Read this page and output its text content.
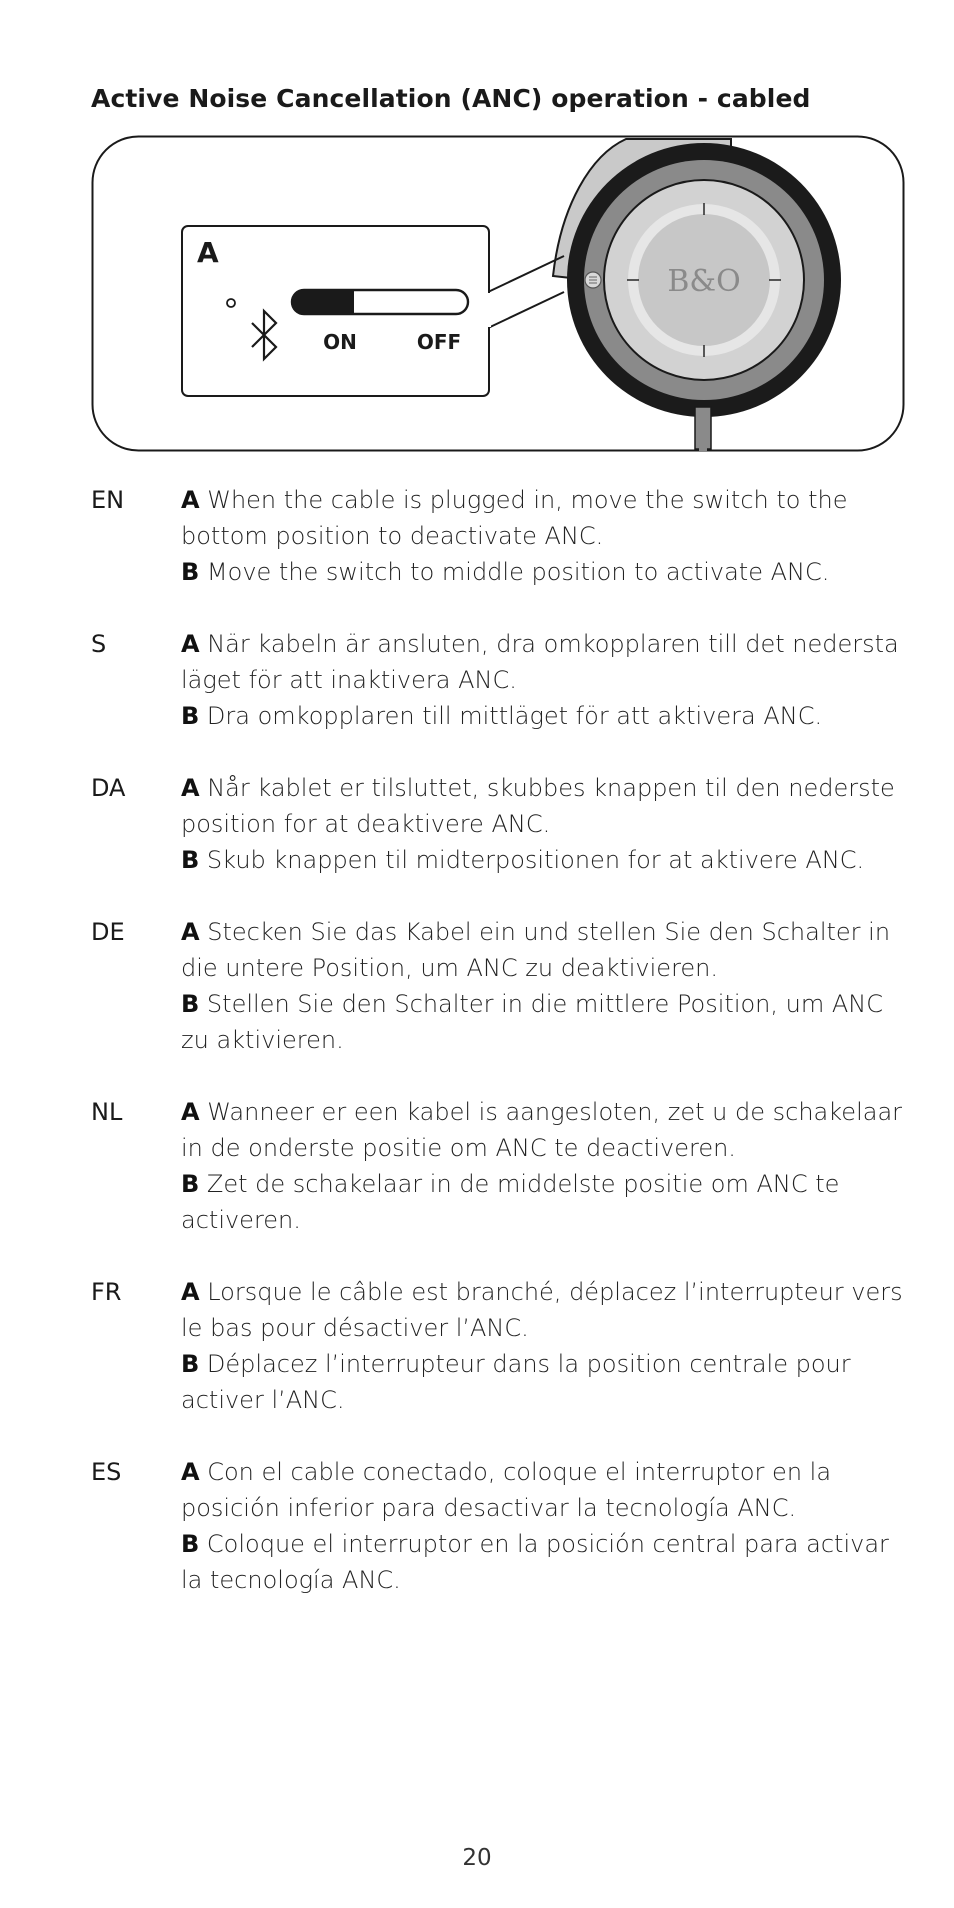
Active Noise Cancellation (ANC) operation - cabled
B&O
A
ON	OFF
EN	A When the cable is plugged in, move the switch to the bottom position to deactivate ANC.

B Move the switch to middle position to activate ANC.

S	A När kabeln är ansluten, dra omkopplaren till det nedersta läget för att inaktivera ANC.

B Dra omkopplaren till mittläget för att aktivera ANC.

DA	A Når kablet er tilsluttet, skubbes knappen til den nederste position for at deaktivere ANC.

B Skub knappen til midterpositionen for at aktivere ANC.

DE	A Stecken Sie das Kabel ein und stellen Sie den Schalter in die untere Position, um ANC zu deaktivieren.

B Stellen Sie den Schalter in die mittlere Position, um ANC zu aktivieren.

NL	A Wanneer er een kabel is aangesloten, zet u de schakelaar in de onderste positie om ANC te deactiveren.

B Zet de schakelaar in de middelste positie om ANC te activeren.

FR	A Lorsque le câble est branché, déplacez l’interrupteur vers le bas pour désactiver l’ANC.

B Déplacez l’interrupteur dans la position centrale pour activer l’ANC.

ES	A Con el cable conectado, coloque el interruptor en la posición inferior para desactivar la tecnología ANC.

B Coloque el interruptor en la posición central para activar la tecnología ANC.

20
